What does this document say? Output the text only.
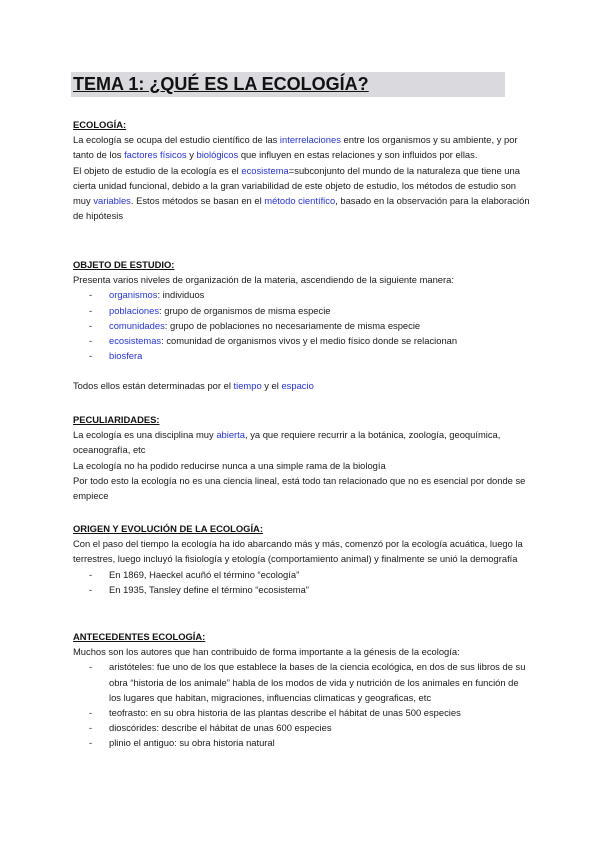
TEMA 1: ¿QUÉ ES LA ECOLOGÍA?
ECOLOGÍA:

La ecología se ocupa del estudio científico de las interrelaciones entre los organismos y su ambiente, y por tanto de los factores físicos y biológicos que influyen en estas relaciones y son influidos por ellas.

El objeto de estudio de la ecología es el ecosistema=subconjunto del mundo de la naturaleza que tiene una cierta unidad funcional, debido a la gran variabilidad de este objeto de estudio, los métodos de estudio son muy variables. Estos métodos se basan en el método científico, basado en la observación para la elaboración de hipótesis

OBJETO DE ESTUDIO:

Presenta varios niveles de organización de la materia, ascendiendo de la siguiente manera:

- organismos: individuos
- poblaciones: grupo de organismos de misma especie
- comunidades: grupo de poblaciones no necesariamente de misma especie
- ecosistemas: comunidad de organismos vivos y el medio físico donde se relacionan
- biosfera

Todos ellos están determinadas por el tiempo y el espacio

PECULIARIDADES:

La ecología es una disciplina muy abierta, ya que requiere recurrir a la botánica, zoología, geoquímica, oceanografía, etc

La ecología no ha podido reducirse nunca a una simple rama de la biología

Por todo esto la ecología no es una ciencia lineal, está todo tan relacionado que no es esencial por donde se empiece

ORIGEN Y EVOLUCIÓN DE LA ECOLOGÍA:

Con el paso del tiempo la ecología ha ido abarcando más y más, comenzó por la ecología acuática, luego la terrestres, luego incluyó la fisiología y etología (comportamiento animal) y finalmente se unió la demografía

- En 1869, Haeckel acuñó el término “ecología”
- En 1935, Tansley define el término “ecosistema”
ANTECEDENTES ECOLOGÍA:

Muchos son los autores que han contribuido de forma importante a la génesis de la ecología:

- aristóteles: fue uno de los que establece la bases de la ciencia ecológica, en dos de sus libros de su obra “historia de los animale” habla de los modos de vida y nutrición de los animales en función de los lugares que habitan, migraciones, influencias climaticas y geograficas, etc
- teofrasto: en su obra historia de las plantas describe el hábitat de unas 500 especies
- dioscórides: describe el hábitat de unas 600 especies
- plinio el antiguo: su obra historia natural
